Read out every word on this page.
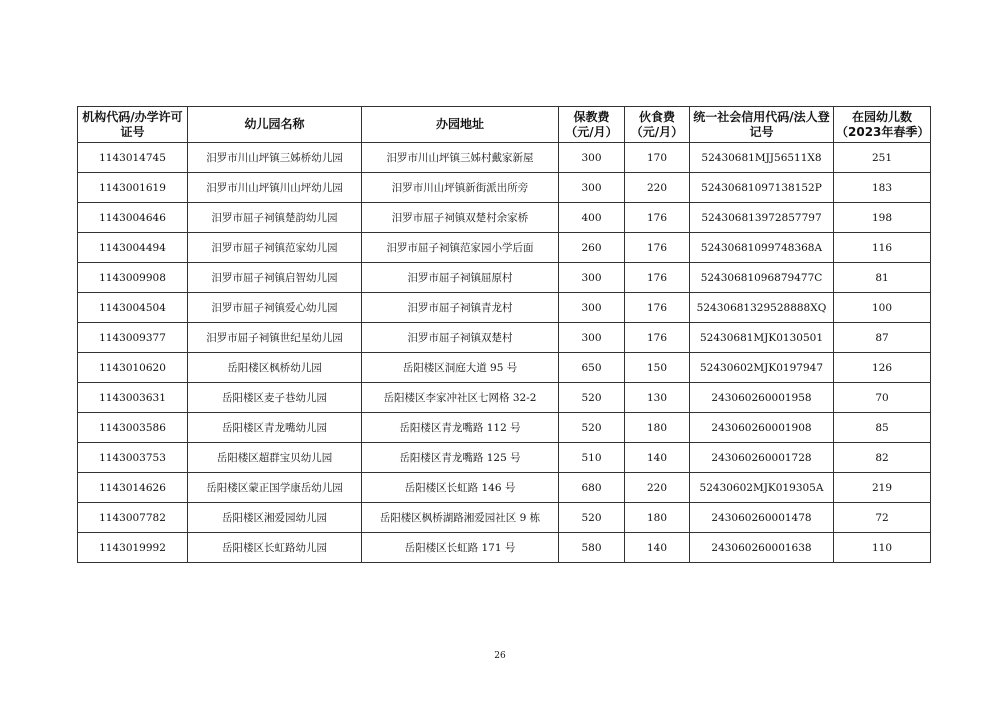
机构代码/办学许可证号	幼儿园名称	办园地址	保教费（元/月）	伙食费（元/月）	统一社会信用代码/法人登记号	在园幼儿数（2023年春季）
1143014745	汨罗市川山坪镇三姊桥幼儿园	汨罗市川山坪镇三姊村戴家新屋	300	170	52430681MJJ56511X8	251
1143001619	汨罗市川山坪镇川山坪幼儿园	汨罗市川山坪镇新街派出所旁	300	220	52430681097138152P	183
1143004646	汨罗市屈子祠镇楚韵幼儿园	汨罗市屈子祠镇双楚村余家桥	400	176	52430681397285779​7	198
1143004494	汨罗市屈子祠镇范家幼儿园	汨罗市屈子祠镇范家园小学后面	260	176	52430681099748368A	116
1143009908	汨罗市屈子祠镇启智幼儿园	汨罗市屈子祠镇屈原村	300	176	52430681096879477C	81
1143004504	汨罗市屈子祠镇爱心幼儿园	汨罗市屈子祠镇青龙村	300	176	52430681329528888XQ	100
1143009377	汨罗市屈子祠镇世纪星幼儿园	汨罗市屈子祠镇双楚村	300	176	52430681MJK0130501	87
1143010620	岳阳楼区枫桥幼儿园	岳阳楼区洞庭大道 95 号	650	150	52430602MJK0197947	126
1143003631	岳阳楼区麦子巷幼儿园	岳阳楼区李家冲社区七网格 32-2	520	130	243060260001958	70
1143003586	岳阳楼区青龙嘴幼儿园	岳阳楼区青龙嘴路 112 号	520	180	243060260001908	85
1143003753	岳阳楼区超群宝贝幼儿园	岳阳楼区青龙嘴路 125 号	510	140	243060260001728	82
1143014626	岳阳楼区蒙正国学康岳幼儿园	岳阳楼区长虹路 146 号	680	220	52430602MJK019305A	219
1143007782	岳阳楼区湘爱园幼儿园	岳阳楼区枫桥湖路湘爱园社区 9 栋	520	180	243060260001478	72
1143019992	岳阳楼区长虹路幼儿园	岳阳楼区长虹路 171 号	580	140	243060260001638	110
26
